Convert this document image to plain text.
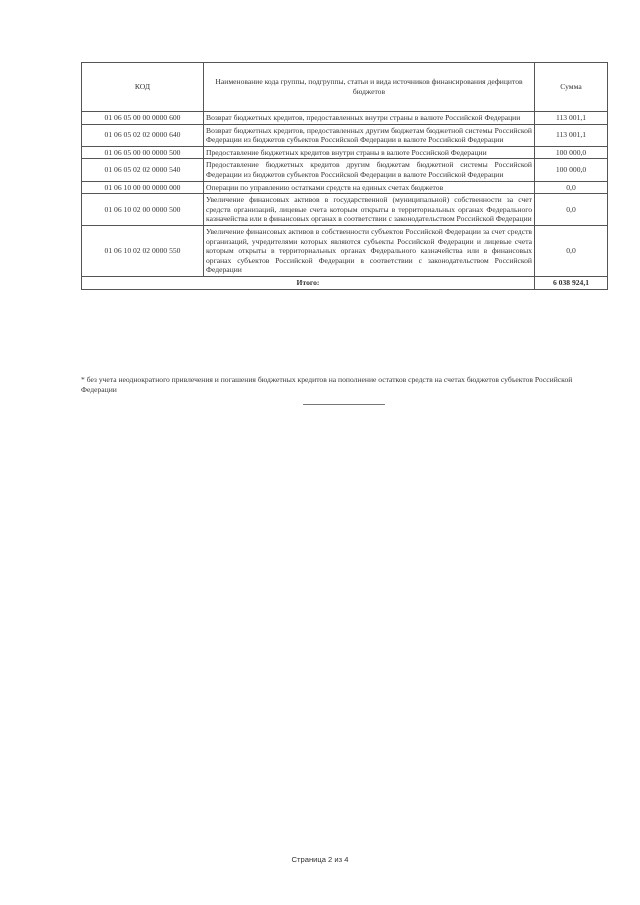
КОД	Наименование кода группы, подгруппы, статьи и вида источников финансирования дефицитов бюджетов	Сумма
01 06 05 00 00 0000 600	Возврат бюджетных кредитов, предоставленных внутри страны в валюте Российской Федерации	113 001,1
01 06 05 02 02 0000 640	Возврат бюджетных кредитов, предоставленных другим бюджетам бюджетной системы Российской Федерации из бюджетов субъектов Российской Федерации в валюте Российской Федерации	113 001,1
01 06 05 00 00 0000 500	Предоставление бюджетных кредитов внутри страны в валюте Российской Федерации	100 000,0
01 06 05 02 02 0000 540	Предоставление бюджетных кредитов другим бюджетам бюджетной системы Российской Федерации из бюджетов субъектов Российской Федерации в валюте Российской Федерации	100 000,0
01 06 10 00 00 0000 000	Операции по управлению остатками средств на единых счетах бюджетов	0,0
01 06 10 02 00 0000 500	Увеличение финансовых активов в государственной (муниципальной) собственности за счет средств организаций, лицевые счета которым открыты в территориальных органах Федерального казначейства или в финансовых органах в соответствии с законодательством Российской Федерации	0,0
01 06 10 02 02 0000 550	Увеличение финансовых активов в собственности субъектов Российской Федерации за счет средств организаций, учредителями которых являются субъекты Российской Федерации и лицевые счета которым открыты в территориальных органах Федерального казначейства или в финансовых органах субъектов Российской Федерации в соответствии с законодательством Российской Федерации	0,0
Итого:		6 038 924,1
* без учета неоднократного привлечения и погашения бюджетных кредитов на пополнение остатков средств на счетах бюджетов субъектов Российской Федерации
Страница 2 из 4
